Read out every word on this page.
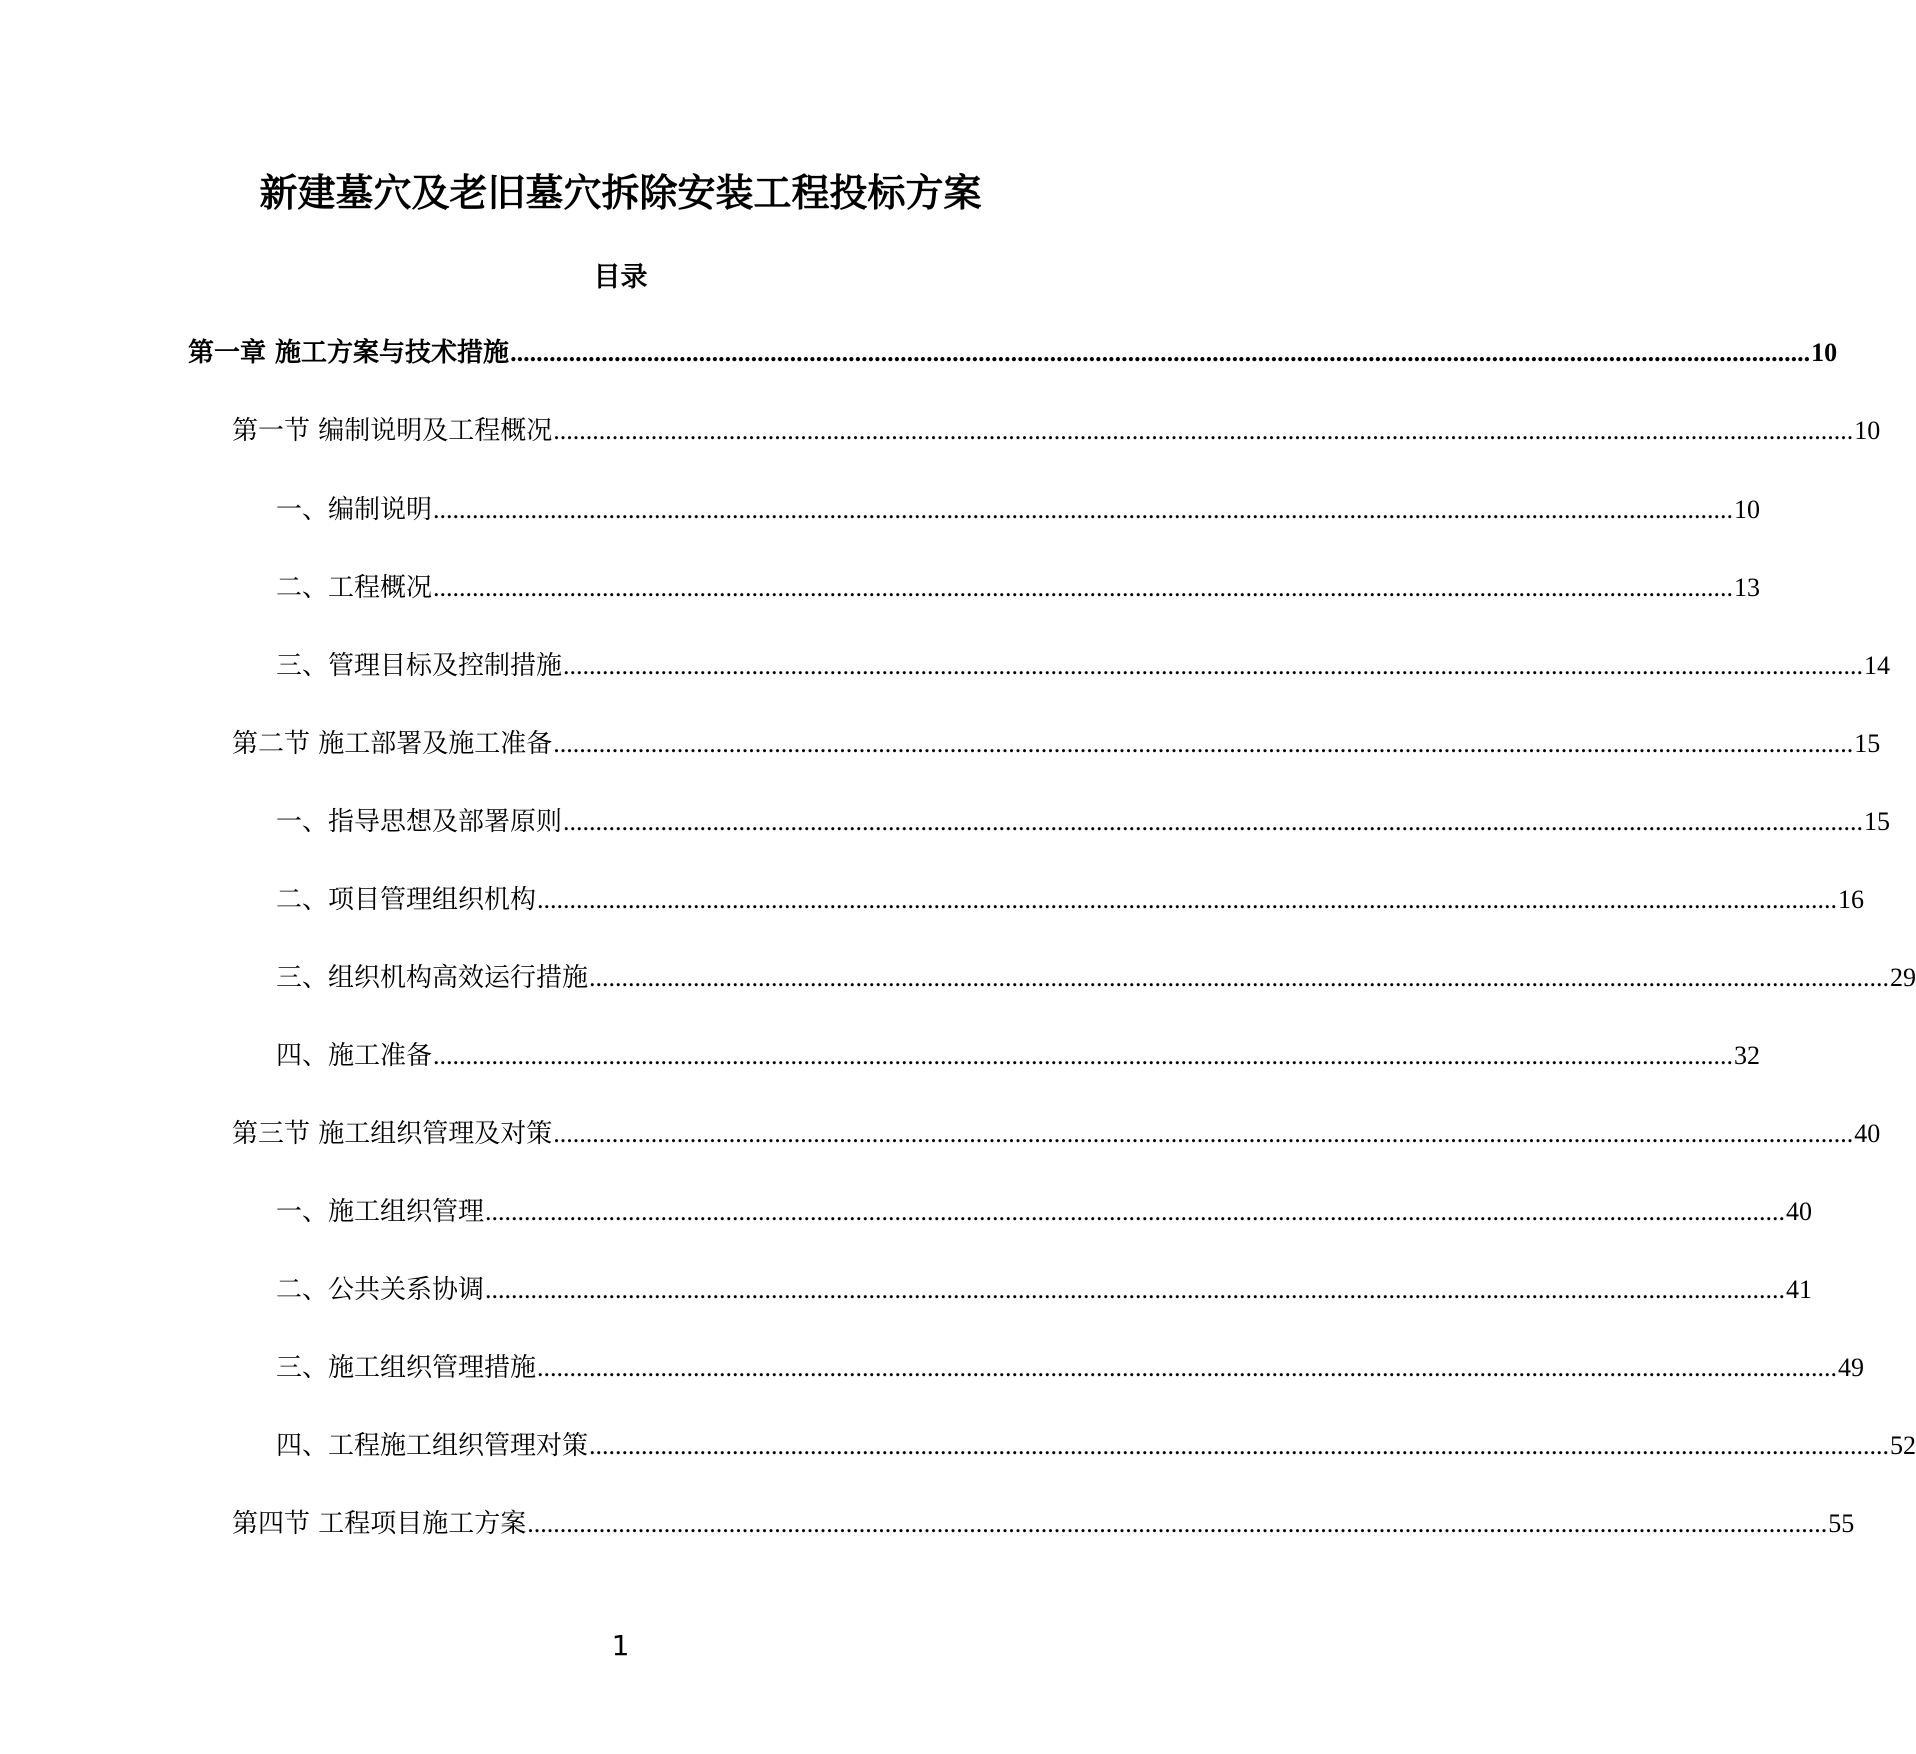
新建墓穴及老旧墓穴拆除安装工程投标方案
目录
第一章 施工方案与技术措施 ........................................................................................................................................................................................................ 10
第一节 编制说明及工程概况 ........................................................................................................................................................................................................ 10
一、编制说明 ........................................................................................................................................................................................................ 10
二、工程概况 ........................................................................................................................................................................................................ 13
三、管理目标及控制措施 ........................................................................................................................................................................................................ 14
第二节 施工部署及施工准备 ........................................................................................................................................................................................................ 15
一、指导思想及部署原则 ........................................................................................................................................................................................................ 15
二、项目管理组织机构 ........................................................................................................................................................................................................ 16
三、组织机构高效运行措施 ........................................................................................................................................................................................................ 29
四、施工准备 ........................................................................................................................................................................................................ 32
第三节 施工组织管理及对策 ........................................................................................................................................................................................................ 40
一、施工组织管理 ........................................................................................................................................................................................................ 40
二、公共关系协调 ........................................................................................................................................................................................................ 41
三、施工组织管理措施 ........................................................................................................................................................................................................ 49
四、工程施工组织管理对策 ........................................................................................................................................................................................................ 52
第四节 工程项目施工方案 ........................................................................................................................................................................................................ 55
1
